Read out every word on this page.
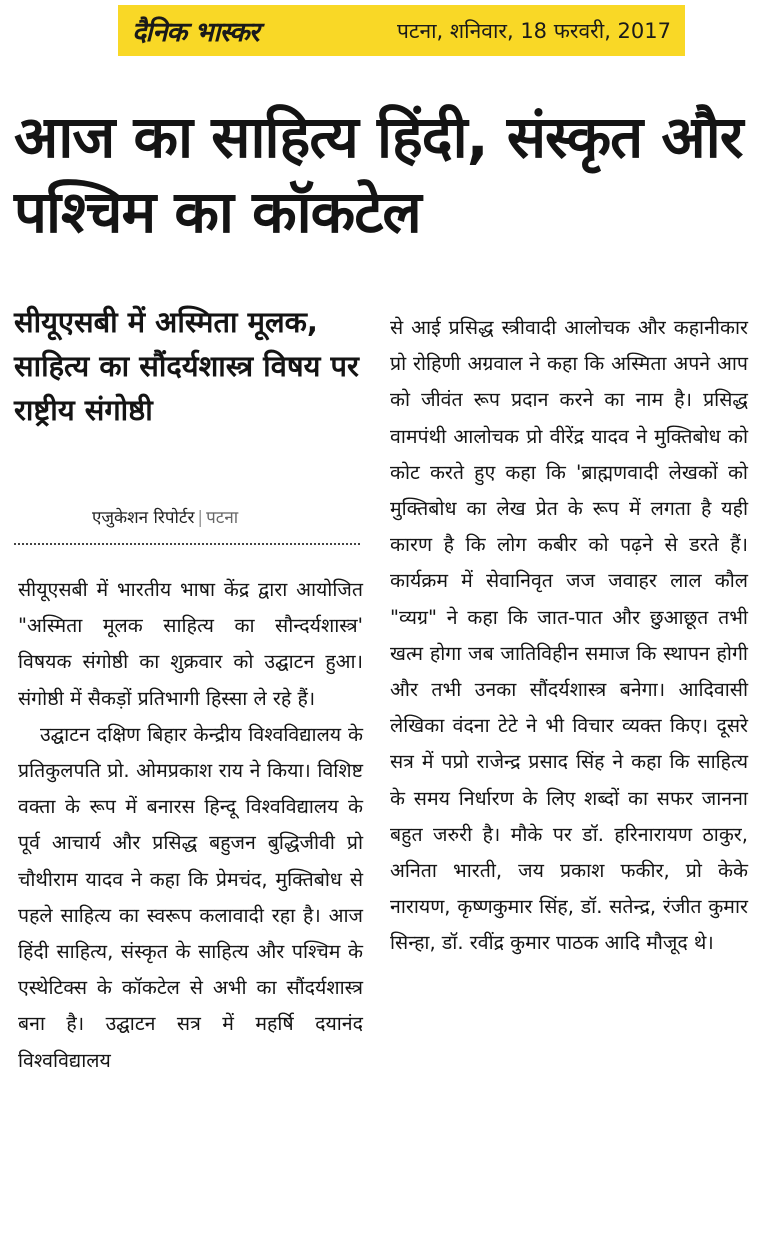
दैनिक भास्कर	पटना, शनिवार, 18 फरवरी, 2017
आज का साहित्य हिंदी, संस्कृत और पश्चिम का कॉकटेल
सीयूएसबी में अस्मिता मूलक, साहित्य का सौंदर्यशास्त्र विषय पर राष्ट्रीय संगोष्ठी
एजुकेशन रिपोर्टर | पटना

सीयूएसबी में भारतीय भाषा केंद्र द्वारा आयोजित "अस्मिता मूलक साहित्य का सौन्दर्यशास्त्र' विषयक संगोष्ठी का शुक्रवार को उद्घाटन हुआ। संगोष्ठी में सैकड़ों प्रतिभागी हिस्सा ले रहे हैं।

उद्घाटन दक्षिण बिहार केन्द्रीय विश्वविद्यालय के प्रतिकुलपति प्रो. ओमप्रकाश राय ने किया। विशिष्ट वक्ता के रूप में बनारस हिन्दू विश्वविद्यालय के पूर्व आचार्य और प्रसिद्ध बहुजन बुद्धिजीवी प्रो चौथीराम यादव ने कहा कि प्रेमचंद, मुक्तिबोध से पहले साहित्य का स्वरूप कलावादी रहा है। आज हिंदी साहित्य, संस्कृत के साहित्य और पश्चिम के एस्थेटिक्स के कॉकटेल से अभी का सौंदर्यशास्त्र बना है। उद्घाटन सत्र में महर्षि दयानंद विश्वविद्यालय

से आई प्रसिद्ध स्त्रीवादी आलोचक और कहानीकार प्रो रोहिणी अग्रवाल ने कहा कि अस्मिता अपने आप को जीवंत रूप प्रदान करने का नाम है। प्रसिद्ध वामपंथी आलोचक प्रो वीरेंद्र यादव ने मुक्तिबोध को कोट करते हुए कहा कि 'ब्राह्मणवादी लेखकों को मुक्तिबोध का लेख प्रेत के रूप में लगता है यही कारण है कि लोग कबीर को पढ़ने से डरते हैं। कार्यक्रम में सेवानिवृत जज जवाहर लाल कौल "व्यग्र" ने कहा कि जात-पात और छुआछूत तभी खत्म होगा जब जातिविहीन समाज कि स्थापन होगी और तभी उनका सौंदर्यशास्त्र बनेगा। आदिवासी लेखिका वंदना टेटे ने भी विचार व्यक्त किए। दूसरे सत्र में पप्रो राजेन्द्र प्रसाद सिंह ने कहा कि साहित्य के समय निर्धारण के लिए शब्दों का सफर जानना बहुत जरुरी है। मौके पर डॉ. हरिनारायण ठाकुर, अनिता भारती, जय प्रकाश फकीर, प्रो केके नारायण, कृष्णकुमार सिंह, डॉ. सतेन्द्र, रंजीत कुमार सिन्हा, डॉ. रवींद्र कुमार पाठक आदि मौजूद थे।
